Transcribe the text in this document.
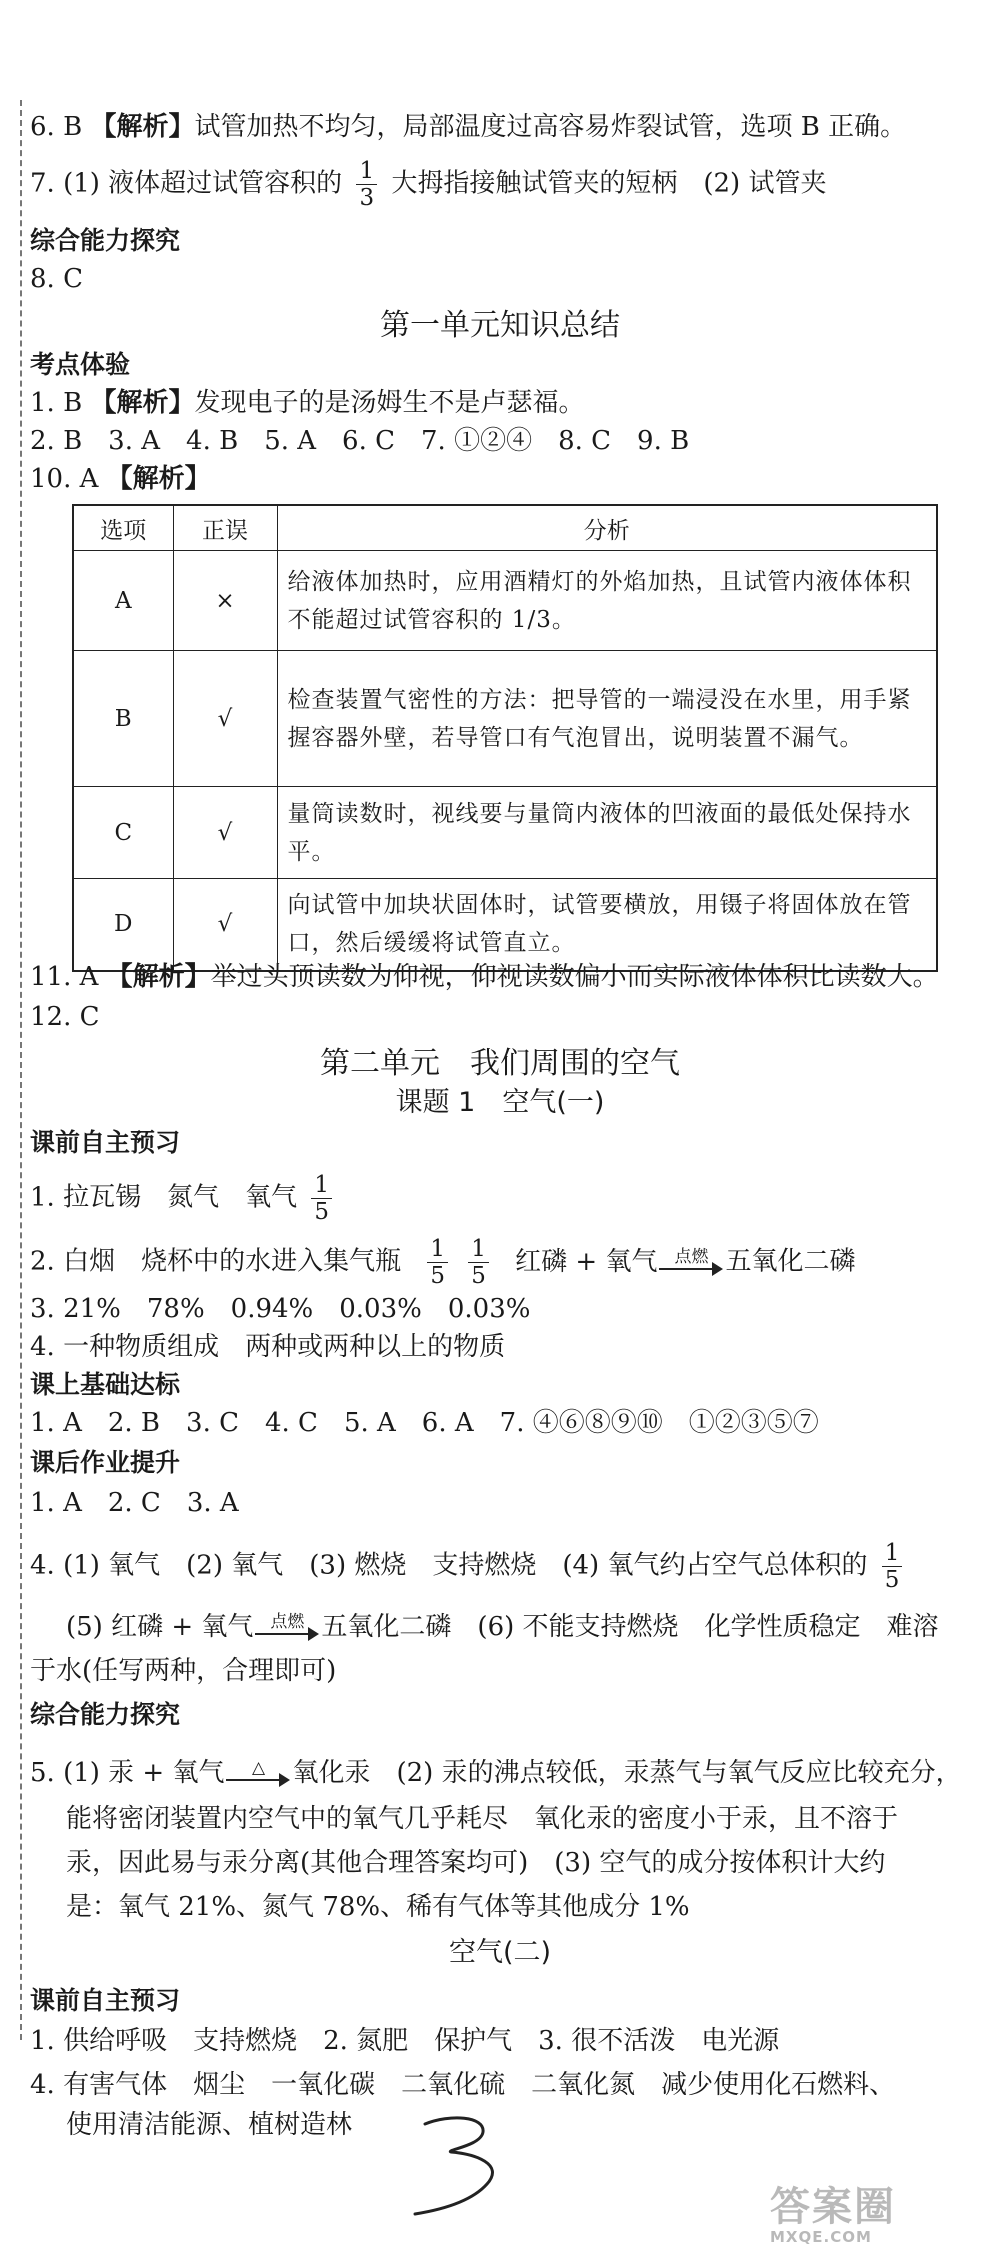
6. B 【解析】试管加热不均匀，局部温度过高容易炸裂试管，选项 B 正确。
7. (1) 液体超过试管容积的 $\frac{1}{3}$ 大拇指接触试管夹的短柄　(2) 试管夹
综合能力探究
8. C
第一单元知识总结
考点体验
1. B 【解析】发现电子的是汤姆生不是卢瑟福。
2. B　3. A　4. B　5. A　6. C　7. ①②④　8. C　9. B
10. A 【解析】
选项	正误	分析
A	×	给液体加热时，应用酒精灯的外焰加热，且试管内液体体积不能超过试管容积的 1/3。
B	√	检查装置气密性的方法：把导管的一端浸没在水里，用手紧握容器外壁，若导管口有气泡冒出，说明装置不漏气。
C	√	量筒读数时，视线要与量筒内液体的凹液面的最低处保持水平。
D	√	向试管中加块状固体时，试管要横放，用镊子将固体放在管口，然后缓缓将试管直立。
11. A 【解析】举过头顶读数为仰视，仰视读数偏小而实际液体体积比读数大。
12. C
第二单元　我们周围的空气
课题 1　空气(一)
课前自主预习
1. 拉瓦锡　氮气　氧气 $\frac{1}{5}$
2. 白烟　烧杯中的水进入集气瓶 $\frac{1}{5}$
$\frac{1}{5}$ 红磷 + 氧气	点燃 五氧化二磷
3. 21%　78%　0.94%　0.03%　0.03%
4. 一种物质组成　两种或两种以上的物质
课上基础达标
1. A　2. B　3. C　4. C　5. A　6. A　7. ④⑥⑧⑨⑩　①②③⑤⑦
课后作业提升
1. A　2. C　3. A
4. (1) 氧气　(2) 氧气　(3) 燃烧　支持燃烧　(4) 氧气约占空气总体积的 $\frac{1}{5}$
(5) 红磷 + 氧气	点燃 五氧化二磷　(6) 不能支持燃烧　化学性质稳定　难溶
于水(任写两种，合理即可)
综合能力探究
5. (1) 汞 + 氧气	△	氧化汞　(2) 汞的沸点较低，汞蒸气与氧气反应比较充分，
能将密闭装置内空气中的氧气几乎耗尽　氧化汞的密度小于汞，且不溶于
汞，因此易与汞分离(其他合理答案均可)　(3) 空气的成分按体积计大约
是：氧气 21%、氮气 78%、稀有气体等其他成分 1%
空气(二)
课前自主预习
1. 供给呼吸　支持燃烧　2. 氮肥　保护气　3. 很不活泼　电光源
4. 有害气体　烟尘　一氧化碳　二氧化硫　二氧化氮　减少使用化石燃料、
使用清洁能源、植树造林
答案圈
MXQE.COM
